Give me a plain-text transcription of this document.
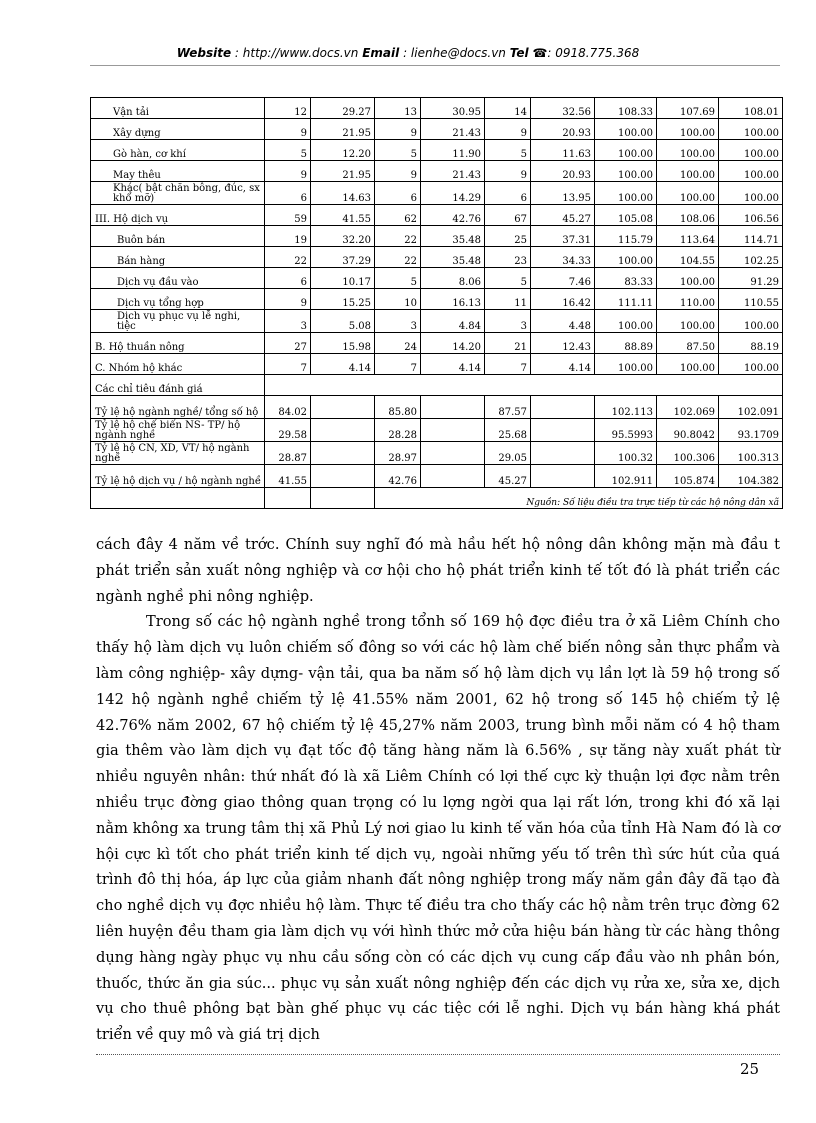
Website : http://www.docs.vn Email : lienhe@docs.vn Tel ☎: 0918.775.368
Vận tải	12	29.27	13	30.95	14	32.56	108.33	107.69	108.01
Xây dựng	9	21.95	9	21.43	9	20.93	100.00	100.00	100.00
Gò hàn, cơ khí	5	12.20	5	11.90	5	11.63	100.00	100.00	100.00
May thêu	9	21.95	9	21.43	9	20.93	100.00	100.00	100.00
Khác( bật chăn bông, đúc, sx khổ mỡ)	6	14.63	6	14.29	6	13.95	100.00	100.00	100.00
III. Hộ dịch vụ	59	41.55	62	42.76	67	45.27	105.08	108.06	106.56
Buôn bán	19	32.20	22	35.48	25	37.31	115.79	113.64	114.71
Bán hàng	22	37.29	22	35.48	23	34.33	100.00	104.55	102.25
Dịch vụ đầu vào	6	10.17	5	8.06	5	7.46	83.33	100.00	91.29
Dịch vụ tổng hợp	9	15.25	10	16.13	11	16.42	111.11	110.00	110.55
Dịch vụ phục vụ lễ nghi, tiệc	3	5.08	3	4.84	3	4.48	100.00	100.00	100.00
B. Hộ thuần nông	27	15.98	24	14.20	21	12.43	88.89	87.50	88.19
C. Nhóm hộ khác	7	4.14	7	4.14	7	4.14	100.00	100.00	100.00
Các chỉ tiêu đánh giá									
Tỷ lệ hộ ngành nghề/ tổng số hộ	84.02		85.80		87.57		102.113	102.069	102.091
Tỷ lệ hộ chế biến NS- TP/ hộ ngành nghề	29.58		28.28		25.68		95.5993	90.8042	93.1709
Tỷ lệ hộ CN, XD, VT/ hộ ngành nghề	28.87		28.97		29.05		100.32	100.306	100.313
Tỷ lệ hộ dịch vụ / hộ ngành nghề	41.55		42.76		45.27		102.911	105.874	104.382
			Nguồn: Số liệu điều tra trực tiếp từ các hộ nông dân xã						

cách đây 4 năm về trớc. Chính suy nghĩ đó mà hầu hết hộ nông dân không mặn mà đầu t phát triển sản xuất nông nghiệp và cơ hội cho hộ phát triển kinh tế tốt đó là phát triển các ngành nghề phi nông nghiệp.

Trong số các hộ ngành nghề trong tổnh số 169 hộ đợc điều tra ở xã Liêm Chính cho thấy hộ làm dịch vụ luôn chiếm số đông so với các hộ làm chế biến nông sản thực phẩm và làm công nghiệp- xây dựng- vận tải, qua ba năm số hộ làm dịch vụ lần lợt là 59 hộ trong số 142 hộ ngành nghề chiếm tỷ lệ 41.55% năm 2001, 62 hộ trong số 145 hộ chiếm tỷ lệ 42.76% năm 2002, 67 hộ chiếm tỷ lệ 45,27% năm 2003, trung bình mỗi năm có 4 hộ tham gia thêm vào làm dịch vụ đạt tốc độ tăng hàng năm là 6.56% , sự tăng này xuất phát từ nhiều nguyên nhân: thứ nhất đó là xã Liêm Chính có lợi thế cực kỳ thuận lợi đợc nằm trên nhiều trục đờng giao thông quan trọng có lu lợng ngời qua lại rất lớn, trong khi đó xã lại nằm không xa trung tâm thị xã Phủ Lý nơi giao lu kinh tế văn hóa của tỉnh Hà Nam đó là cơ hội cực kì tốt cho phát triển kinh tế dịch vụ, ngoài những yếu tố trên thì sức hút của quá trình đô thị hóa, áp lực của giảm nhanh đất nông nghiệp trong mấy năm gần đây đã tạo đà cho nghề dịch vụ đợc nhiều hộ làm. Thực tế điều tra cho thấy các hộ nằm trên trục đờng 62 liên huyện đều tham gia làm dịch vụ với hình thức mở cửa hiệu bán hàng từ các hàng thông dụng hàng ngày phục vụ nhu cầu sống còn có các dịch vụ cung cấp đầu vào nh phân bón, thuốc, thức ăn gia súc... phục vụ sản xuất nông nghiệp đến các dịch vụ rửa xe, sửa xe, dịch vụ cho thuê phông bạt bàn ghế phục vụ các tiệc cới lễ nghi. Dịch vụ bán hàng khá phát triển về quy mô và giá trị dịch

25
